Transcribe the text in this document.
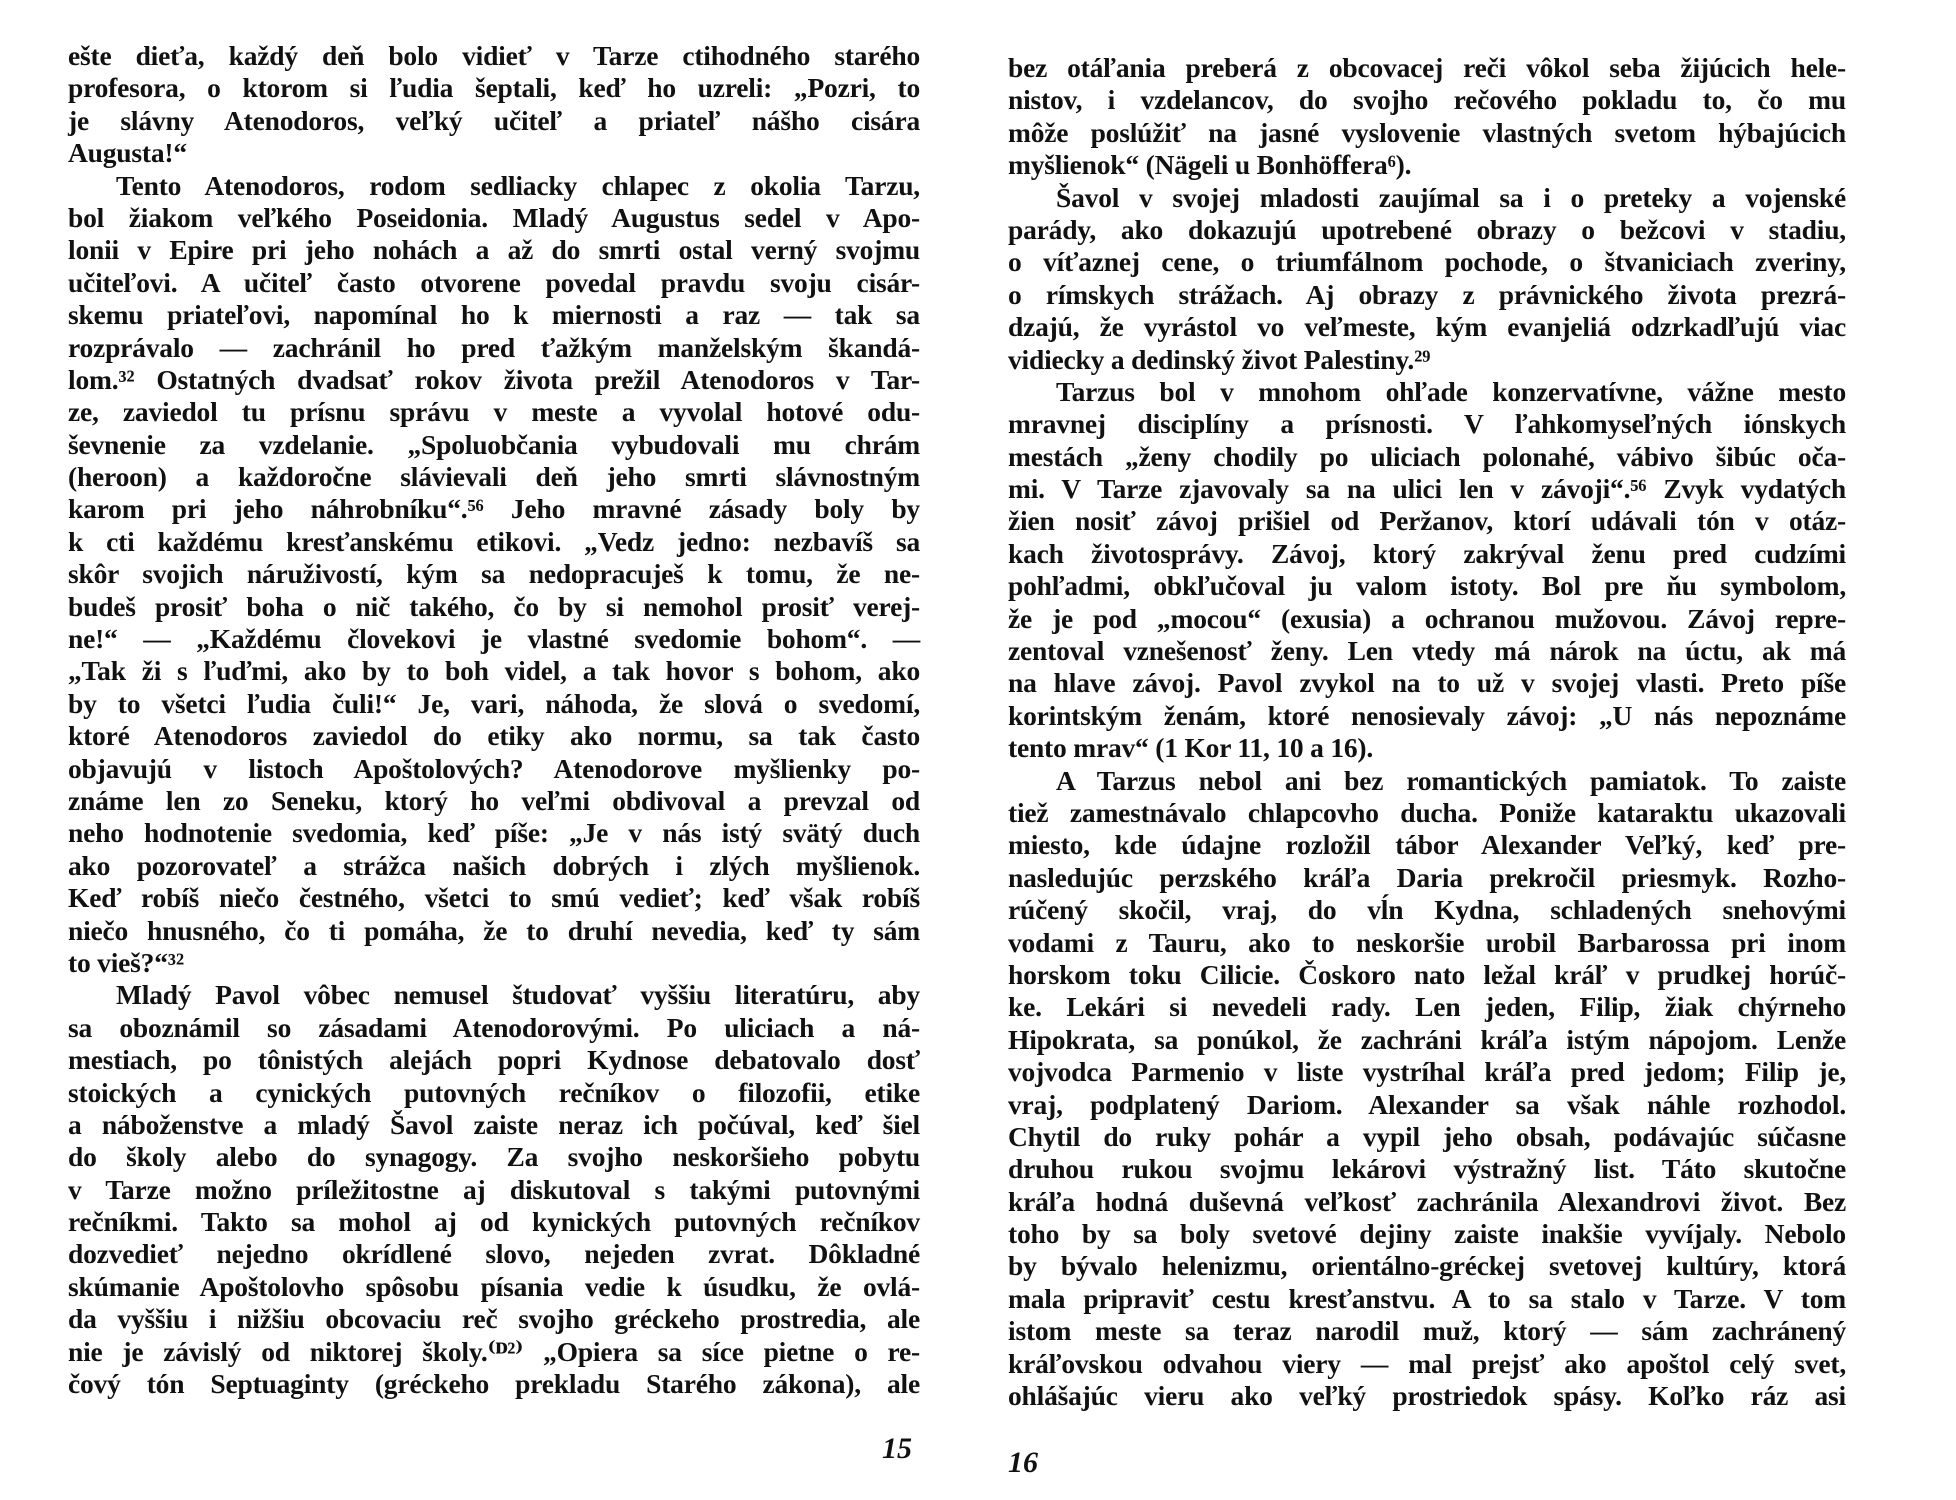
ešte dieťa, každý deň bolo vidieť v Tarze ctihodného starého
profesora, o ktorom si ľudia šeptali, keď ho uzreli: „Pozri, to
je slávny Atenodoros, veľký učiteľ a priateľ nášho cisára
Augusta!“
Tento Atenodoros, rodom sedliacky chlapec z okolia Tarzu,
bol žiakom veľkého Poseidonia. Mladý Augustus sedel v Apo-
lonii v Epire pri jeho nohách a až do smrti ostal verný svojmu
učiteľovi. A učiteľ často otvorene povedal pravdu svoju cisár-
skemu priateľovi, napomínal ho k miernosti a raz — tak sa
rozprávalo — zachránil ho pred ťažkým manželským škandá-
lom.³² Ostatných dvadsať rokov života prežil Atenodoros v Tar-
ze, zaviedol tu prísnu správu v meste a vyvolal hotové odu-
ševnenie za vzdelanie. „Spoluobčania vybudovali mu chrám
(heroon) a každoročne slávievali deň jeho smrti slávnostným
karom pri jeho náhrobníku“.⁵⁶ Jeho mravné zásady boly by
k cti každému kresťanskému etikovi. „Vedz jedno: nezbavíš sa
skôr svojich náruživostí, kým sa nedopracuješ k tomu, že ne-
budeš prosiť boha o nič takého, čo by si nemohol prosiť verej-
ne!“ — „Každému človekovi je vlastné svedomie bohom“. —
„Tak ži s ľuďmi, ako by to boh videl, a tak hovor s bohom, ako
by to všetci ľudia čuli!“ Je, vari, náhoda, že slová o svedomí,
ktoré Atenodoros zaviedol do etiky ako normu, sa tak často
objavujú v listoch Apoštolových? Atenodorove myšlienky po-
známe len zo Seneku, ktorý ho veľmi obdivoval a prevzal od
neho hodnotenie svedomia, keď píše: „Je v nás istý svätý duch
ako pozorovateľ a strážca našich dobrých i zlých myšlienok.
Keď robíš niečo čestného, všetci to smú vedieť; keď však robíš
niečo hnusného, čo ti pomáha, že to druhí nevedia, keď ty sám
to vieš?“³²
Mladý Pavol vôbec nemusel študovať vyššiu literatúru, aby
sa oboznámil so zásadami Atenodorovými. Po uliciach a ná-
mestiach, po tônistých alejách popri Kydnose debatovalo dosť
stoických a cynických putovných rečníkov o filozofii, etike
a náboženstve a mladý Šavol zaiste neraz ich počúval, keď šiel
do školy alebo do synagogy. Za svojho neskoršieho pobytu
v Tarze možno príležitostne aj diskutoval s takými putovnými
rečníkmi. Takto sa mohol aj od kynických putovných rečníkov
dozvedieť nejedno okrídlené slovo, nejeden zvrat. Dôkladné
skúmanie Apoštolovho spôsobu písania vedie k úsudku, že ovlá-
da vyššiu i nižšiu obcovaciu reč svojho gréckeho prostredia, ale
nie je závislý od niktorej školy.⁽ᴰ²⁾ „Opiera sa síce pietne o re-
čový tón Septuaginty (gréckeho prekladu Starého zákona), ale
15
bez otáľania preberá z obcovacej reči vôkol seba žijúcich hele-
nistov, i vzdelancov, do svojho rečového pokladu to, čo mu
môže poslúžiť na jasné vyslovenie vlastných svetom hýbajúcich
myšlienok“ (Nägeli u Bonhöffera⁶).
Šavol v svojej mladosti zaujímal sa i o preteky a vojenské
parády, ako dokazujú upotrebené obrazy o bežcovi v stadiu,
o víťaznej cene, o triumfálnom pochode, o štvaniciach zveriny,
o rímskych strážach. Aj obrazy z právnického života prezrá-
dzajú, že vyrástol vo veľmeste, kým evanjeliá odzrkadľujú viac
vidiecky a dedinský život Palestiny.²⁹
Tarzus bol v mnohom ohľade konzervatívne, vážne mesto
mravnej disciplíny a prísnosti. V ľahkomyseľných iónskych
mestách „ženy chodily po uliciach polonahé, vábivo šibúc oča-
mi. V Tarze zjavovaly sa na ulici len v závoji“.⁵⁶ Zvyk vydatých
žien nosiť závoj prišiel od Peržanov, ktorí udávali tón v otáz-
kach životosprávy. Závoj, ktorý zakrýval ženu pred cudzími
pohľadmi, obkľučoval ju valom istoty. Bol pre ňu symbolom,
že je pod „mocou“ (exusia) a ochranou mužovou. Závoj repre-
zentoval vznešenosť ženy. Len vtedy má nárok na úctu, ak má
na hlave závoj. Pavol zvykol na to už v svojej vlasti. Preto píše
korintským ženám, ktoré nenosievaly závoj: „U nás nepoznáme
tento mrav“ (1 Kor 11, 10 a 16).
A Tarzus nebol ani bez romantických pamiatok. To zaiste
tiež zamestnávalo chlapcovho ducha. Poniže kataraktu ukazovali
miesto, kde údajne rozložil tábor Alexander Veľký, keď pre-
nasledujúc perzského kráľa Daria prekročil priesmyk. Rozho-
rúčený skočil, vraj, do vĺn Kydna, schladených snehovými
vodami z Tauru, ako to neskoršie urobil Barbarossa pri inom
horskom toku Cilicie. Čoskoro nato ležal kráľ v prudkej horúč-
ke. Lekári si nevedeli rady. Len jeden, Filip, žiak chýrneho
Hipokrata, sa ponúkol, že zachráni kráľa istým nápojom. Lenže
vojvodca Parmenio v liste vystríhal kráľa pred jedom; Filip je,
vraj, podplatený Dariom. Alexander sa však náhle rozhodol.
Chytil do ruky pohár a vypil jeho obsah, podávajúc súčasne
druhou rukou svojmu lekárovi výstražný list. Táto skutočne
kráľa hodná duševná veľkosť zachránila Alexandrovi život. Bez
toho by sa boly svetové dejiny zaiste inakšie vyvíjaly. Nebolo
by bývalo helenizmu, orientálno-gréckej svetovej kultúry, ktorá
mala pripraviť cestu kresťanstvu. A to sa stalo v Tarze. V tom
istom meste sa teraz narodil muž, ktorý — sám zachránený
kráľovskou odvahou viery — mal prejsť ako apoštol celý svet,
ohlášajúc vieru ako veľký prostriedok spásy. Koľko ráz asi
16
